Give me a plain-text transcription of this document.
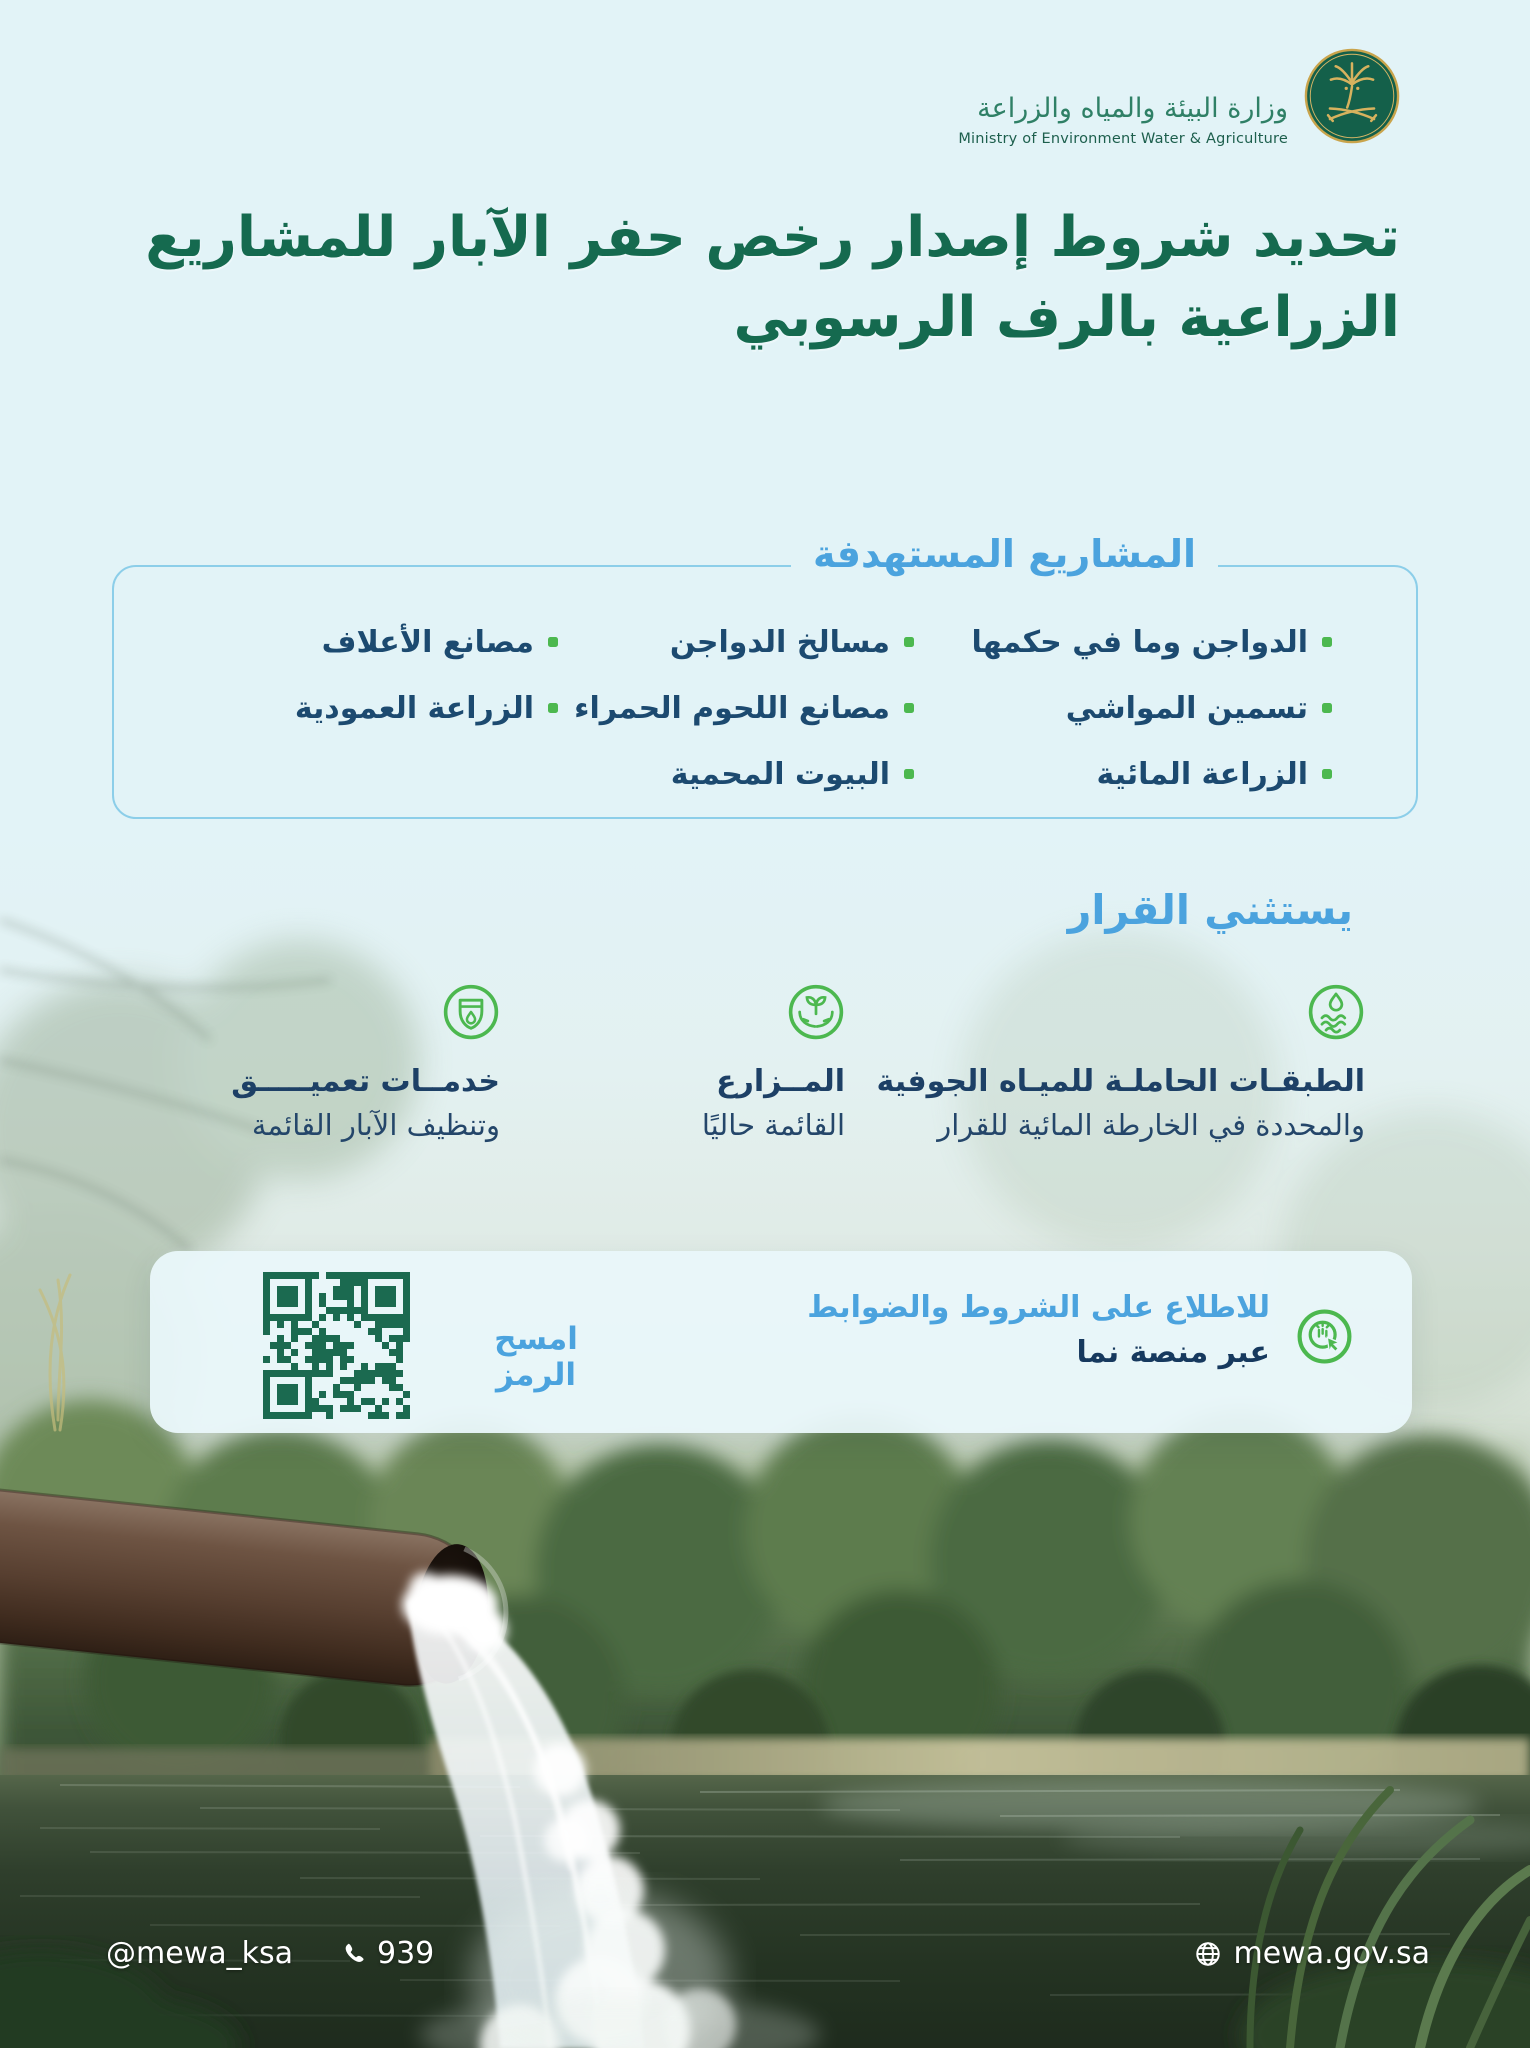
وزارة البيئة والمياه والزراعة
Ministry of Environment Water & Agriculture
تحديد شروط إصدار رخص حفر الآبار للمشاريع
الزراعية بالرف الرسوبي
المشاريع المستهدفة
الدواجن وما في حكمها
مسالخ الدواجن
مصانع الأعلاف
تسمين المواشي
مصانع اللحوم الحمراء
الزراعة العمودية
الزراعة المائية
البيوت المحمية
يستثني القرار
الطبقـات الحاملـة للميـاه الجوفية
والمحددة في الخارطة المائية للقرار
المــزارع
القائمة حاليًا
خدمــات تعميـــــق
وتنظيف الآبار القائمة
للاطلاع على الشروط والضوابط
عبر منصة نما
امسح الرمز
@mewa_ksa	939	mewa.gov.sa
